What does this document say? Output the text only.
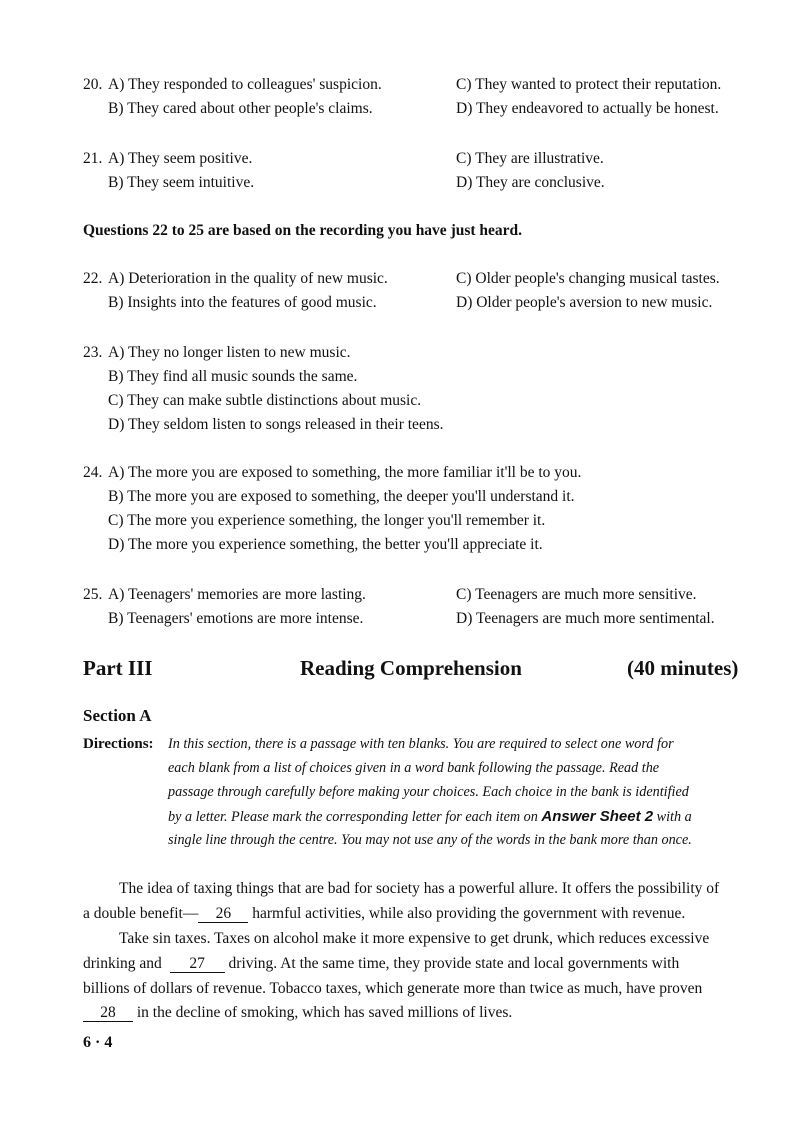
20. A) They responded to colleagues' suspicion.
B) They cared about other people's claims.
C) They wanted to protect their reputation.
D) They endeavored to actually be honest.
21. A) They seem positive.
B) They seem intuitive.
C) They are illustrative.
D) They are conclusive.
Questions 22 to 25 are based on the recording you have just heard.
22. A) Deterioration in the quality of new music.
B) Insights into the features of good music.
C) Older people's changing musical tastes.
D) Older people's aversion to new music.
23. A) They no longer listen to new music.
B) They find all music sounds the same.
C) They can make subtle distinctions about music.
D) They seldom listen to songs released in their teens.
24. A) The more you are exposed to something, the more familiar it'll be to you.
B) The more you are exposed to something, the deeper you'll understand it.
C) The more you experience something, the longer you'll remember it.
D) The more you experience something, the better you'll appreciate it.
25. A) Teenagers' memories are more lasting.
B) Teenagers' emotions are more intense.
C) Teenagers are much more sensitive.
D) Teenagers are much more sentimental.
Part III	Reading Comprehension	(40 minutes)
Section A
Directions: In this section, there is a passage with ten blanks. You are required to select one word for
each blank from a list of choices given in a word bank following the passage. Read the
passage through carefully before making your choices. Each choice in the bank is identified
by a letter. Please mark the corresponding letter for each item on Answer Sheet 2 with a
single line through the centre. You may not use any of the words in the bank more than once.
The idea of taxing things that are bad for society has a powerful allure. It offers the possibility of
a double benefit— 26 harmful activities, while also providing the government with revenue.
Take sin taxes. Taxes on alcohol make it more expensive to get drunk, which reduces excessive
drinking and 27 driving. At the same time, they provide state and local governments with
billions of dollars of revenue. Tobacco taxes, which generate more than twice as much, have proven
28 in the decline of smoking, which has saved millions of lives.
6 · 4
